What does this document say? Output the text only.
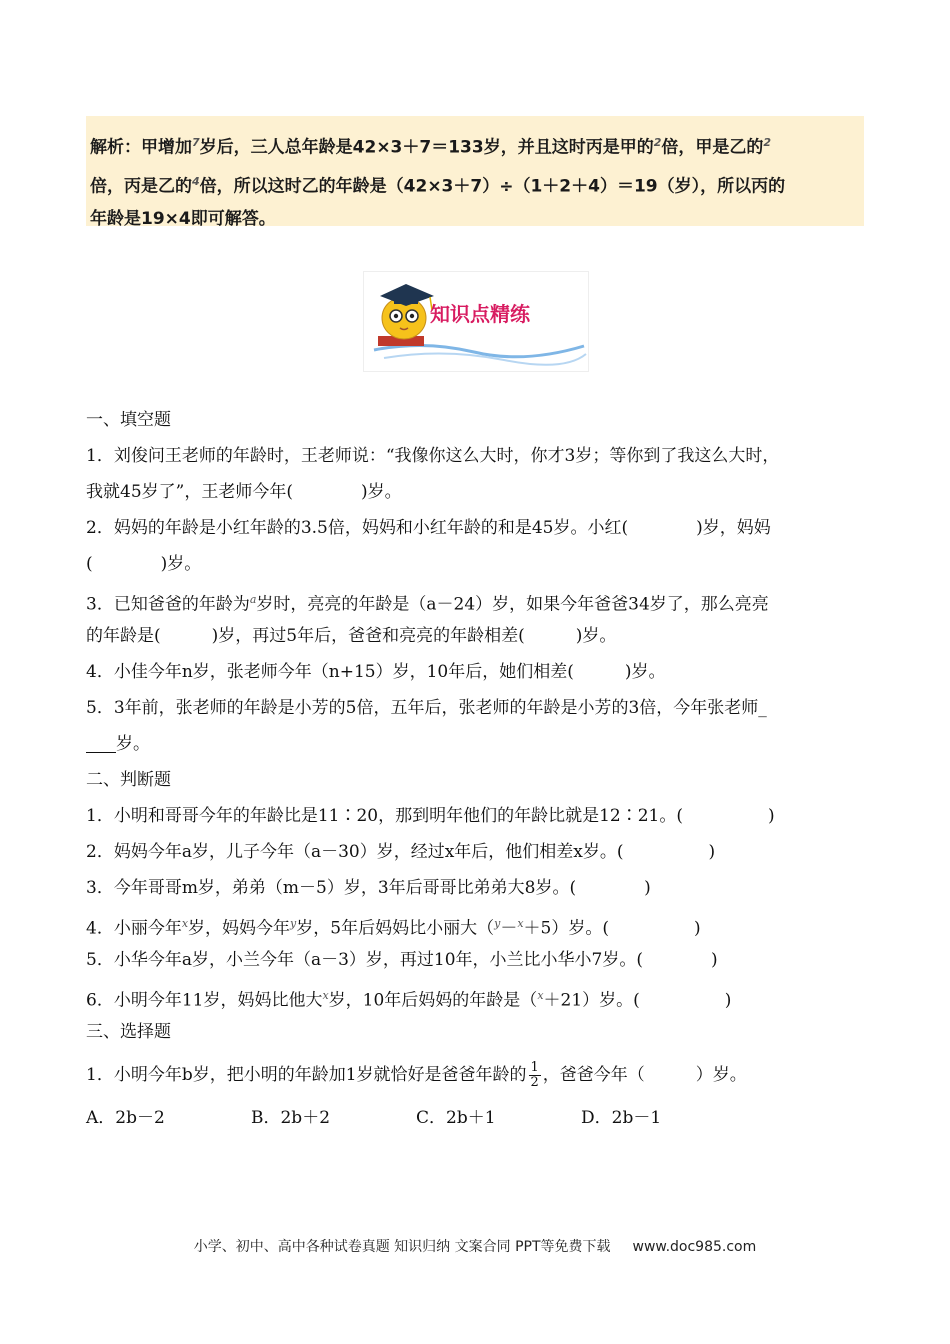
解析：甲增加$^7$岁后，三人总年龄是42×3＋7＝133岁，并且这时丙是甲的$^2$倍，甲是乙的$^2$
倍，丙是乙的$^4$倍，所以这时乙的年龄是（42×3＋7）÷（1＋2＋4）＝19（岁），所以丙的
年龄是19×4即可解答。
知识点精练
一、填空题
1．刘俊问王老师的年龄时，王老师说：“我像你这么大时，你才3岁；等你到了我这么大时，
我就45岁了”，王老师今年(　　　　)岁。
2．妈妈的年龄是小红年龄的3.5倍，妈妈和小红年龄的和是45岁。小红(　　　　)岁，妈妈
(　　　　)岁。
3．已知爸爸的年龄为$^a$岁时，亮亮的年龄是（a－24）岁，如果今年爸爸34岁了，那么亮亮
的年龄是(　　　)岁，再过5年后，爸爸和亮亮的年龄相差(　　　)岁。
4．小佳今年n岁，张老师今年（n+15）岁，10年后，她们相差(　　　)岁。
5．3年前，张老师的年龄是小芳的5倍，五年后，张老师的年龄是小芳的3倍，今年张老师_
岁。
二、判断题
1．小明和哥哥今年的年龄比是11∶20，那到明年他们的年龄比就是12∶21。(　　　　　)
2．妈妈今年a岁，儿子今年（a－30）岁，经过x年后，他们相差x岁。(　　　　　)
3．今年哥哥m岁，弟弟（m－5）岁，3年后哥哥比弟弟大8岁。(　　　　)
4．小丽今年$^x$岁，妈妈今年$^y$岁，5年后妈妈比小丽大（$^y$－$^x$＋5）岁。(　　　　　)
5．小华今年a岁，小兰今年（a－3）岁，再过10年，小兰比小华小7岁。(　　　　)
6．小明今年11岁，妈妈比他大$^x$岁，10年后妈妈的年龄是（$^x$＋21）岁。(　　　　　)
三、选择题
1．小明今年b岁，把小明的年龄加1岁就恰好是爸爸年龄的 $\frac{1}{2}$ ，爸爸今年（　　　）岁。
A．2b－2	B．2b＋2	C．2b＋1	D．2b－1
小学、初中、高中各种试卷真题 知识归纳 文案合同 PPT等免费下载 www.doc985.com
